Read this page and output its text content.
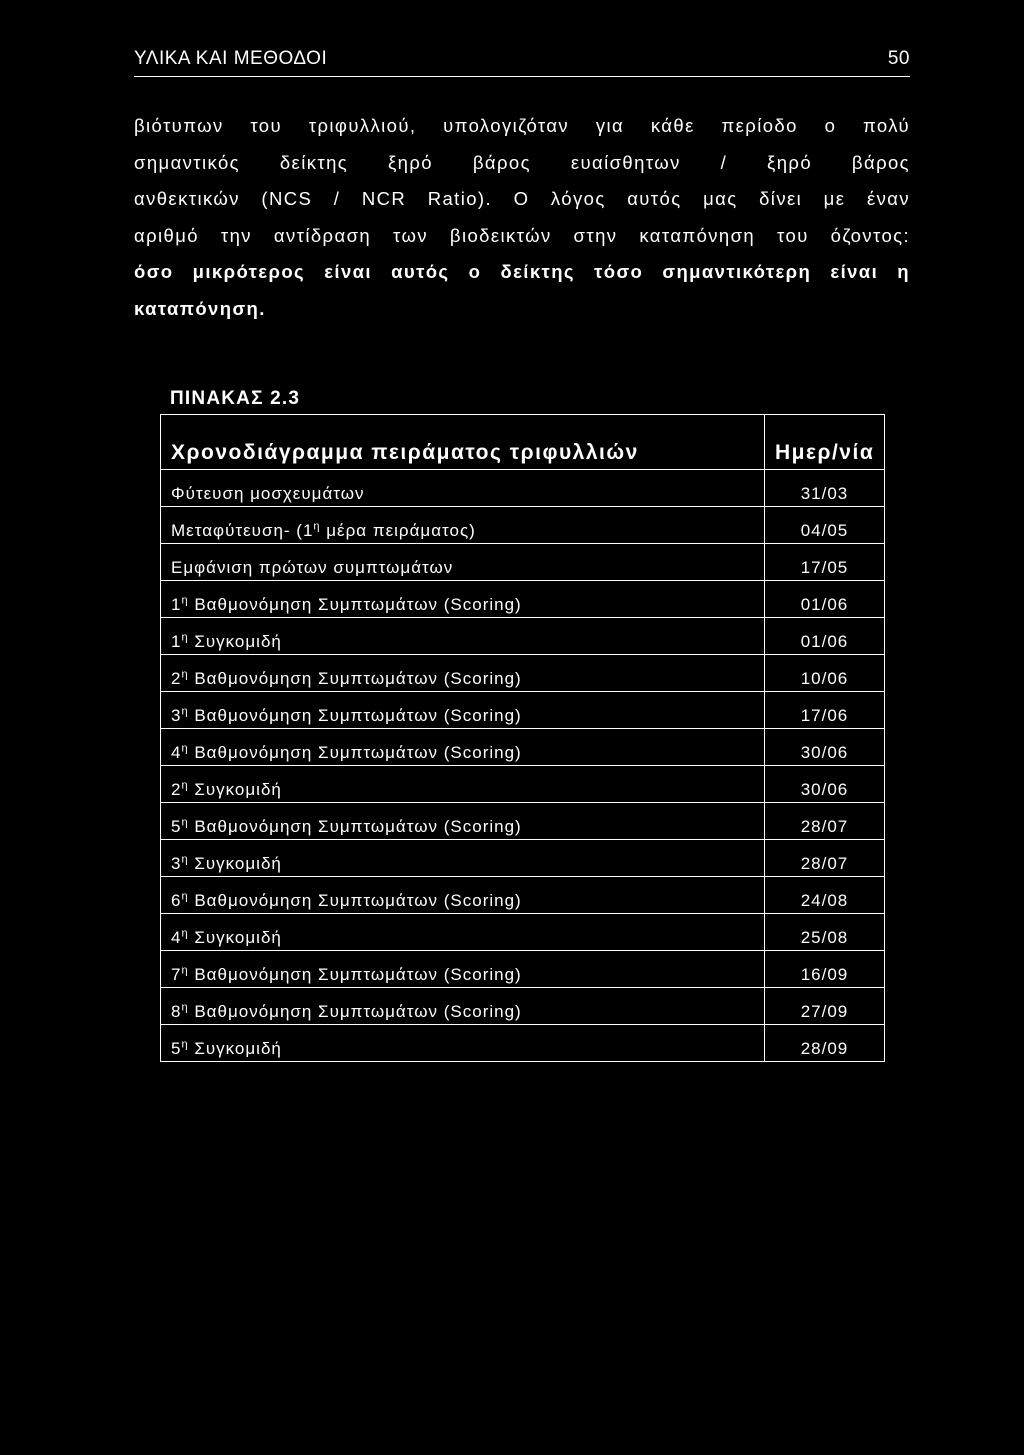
ΥΛΙΚΑ ΚΑΙ ΜΕΘΟΔΟΙ	50
βιότυπων του τριφυλλιού, υπολογιζόταν για κάθε περίοδο ο πολύ
σημαντικός δείκτης ξηρό βάρος ευαίσθητων / ξηρό βάρος
ανθεκτικών (NCS / NCR Ratio). Ο λόγος αυτός μας δίνει με έναν
αριθμό την αντίδραση των βιοδεικτών στην καταπόνηση του όζοντος:
όσο μικρότερος είναι αυτός ο δείκτης τόσο σημαντικότερη είναι η
καταπόνηση.
ΠΙΝΑΚΑΣ 2.3
Χρονοδιάγραμμα πειράματος τριφυλλιών	Ημερ/νία
Φύτευση μοσχευμάτων	31/03
Μεταφύτευση- ($1^\eta$ μέρα πειράματος)	04/05
Εμφάνιση πρώτων συμπτωμάτων	17/05
$1^\eta$ Βαθμονόμηση Συμπτωμάτων (Scoring)	01/06
$1^\eta$ Συγκομιδή	01/06
$2^\eta$ Βαθμονόμηση Συμπτωμάτων (Scoring)	10/06
$3^\eta$ Βαθμονόμηση Συμπτωμάτων (Scoring)	17/06
$4^\eta$ Βαθμονόμηση Συμπτωμάτων (Scoring)	30/06
$2^\eta$ Συγκομιδή	30/06
$5^\eta$ Βαθμονόμηση Συμπτωμάτων (Scoring)	28/07
$3^\eta$ Συγκομιδή	28/07
$6^\eta$ Βαθμονόμηση Συμπτωμάτων (Scoring)	24/08
$4^\eta$ Συγκομιδή	25/08
$7^\eta$ Βαθμονόμηση Συμπτωμάτων (Scoring)	16/09
$8^\eta$ Βαθμονόμηση Συμπτωμάτων (Scoring)	27/09
$5^\eta$ Συγκομιδή	28/09
